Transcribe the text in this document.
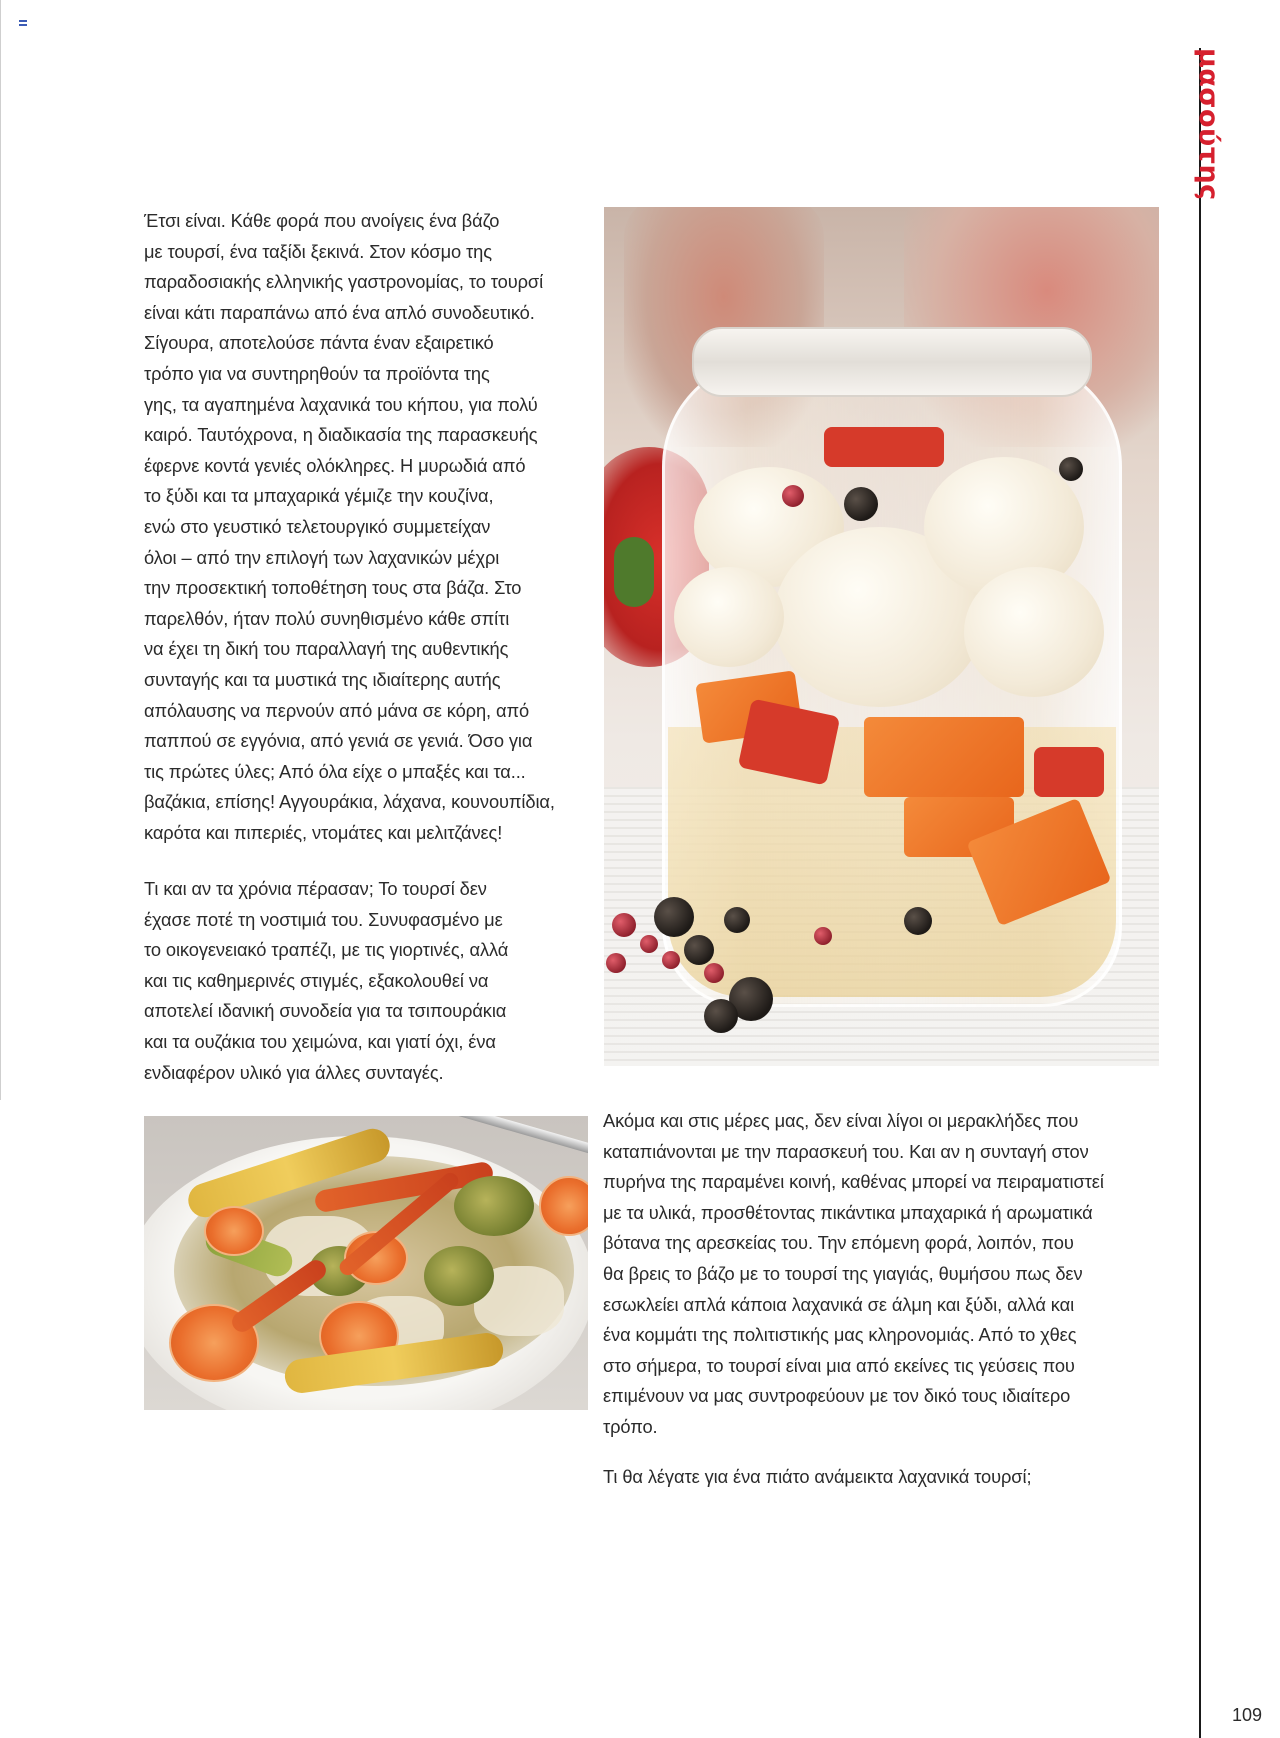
μασούτης
109
Έτσι είναι. Κάθε φορά που ανοίγεις ένα βάζο
με τουρσί, ένα ταξίδι ξεκινά. Στον κόσμο της
παραδοσιακής ελληνικής γαστρονομίας, το τουρσί
είναι κάτι παραπάνω από ένα απλό συνοδευτικό.
Σίγουρα, αποτελούσε πάντα έναν εξαιρετικό
τρόπο για να συντηρηθούν τα προϊόντα της
γης, τα αγαπημένα λαχανικά του κήπου, για πολύ
καιρό. Ταυτόχρονα, η διαδικασία της παρασκευής
έφερνε κοντά γενιές ολόκληρες. Η μυρωδιά από
το ξύδι και τα μπαχαρικά γέμιζε την κουζίνα,
ενώ στο γευστικό τελετουργικό συμμετείχαν
όλοι – από την επιλογή των λαχανικών μέχρι
την προσεκτική τοποθέτηση τους στα βάζα. Στο
παρελθόν, ήταν πολύ συνηθισμένο κάθε σπίτι
να έχει τη δική του παραλλαγή της αυθεντικής
συνταγής και τα μυστικά της ιδιαίτερης αυτής
απόλαυσης να περνούν από μάνα σε κόρη, από
παππού σε εγγόνια, από γενιά σε γενιά. Όσο για
τις πρώτες ύλες; Από όλα είχε ο μπαξές και τα...
βαζάκια, επίσης! Αγγουράκια, λάχανα, κουνουπίδια,
καρότα και πιπεριές, ντομάτες και μελιτζάνες!
Τι και αν τα χρόνια πέρασαν; Το τουρσί δεν
έχασε ποτέ τη νοστιμιά του. Συνυφασμένο με
το οικογενειακό τραπέζι, με τις γιορτινές, αλλά
και τις καθημερινές στιγμές, εξακολουθεί να
αποτελεί ιδανική συνοδεία για τα τσιπουράκια
και τα ουζάκια του χειμώνα, και γιατί όχι, ένα
ενδιαφέρον υλικό για άλλες συνταγές.
Ακόμα και στις μέρες μας, δεν είναι λίγοι οι μερακλήδες που
καταπιάνονται με την παρασκευή του. Και αν η συνταγή στον
πυρήνα της παραμένει κοινή, καθένας μπορεί να πειραματιστεί
με τα υλικά, προσθέτοντας πικάντικα μπαχαρικά ή αρωματικά
βότανα της αρεσκείας του. Την επόμενη φορά, λοιπόν, που
θα βρεις το βάζο με το τουρσί της γιαγιάς, θυμήσου πως δεν
εσωκλείει απλά κάποια λαχανικά σε άλμη και ξύδι, αλλά και
ένα κομμάτι της πολιτιστικής μας κληρονομιάς. Από το χθες
στο σήμερα, το τουρσί είναι μια από εκείνες τις γεύσεις που
επιμένουν να μας συντροφεύουν με τον δικό τους ιδιαίτερο
τρόπο.
Τι θα λέγατε για ένα πιάτο ανάμεικτα λαχανικά τουρσί;
